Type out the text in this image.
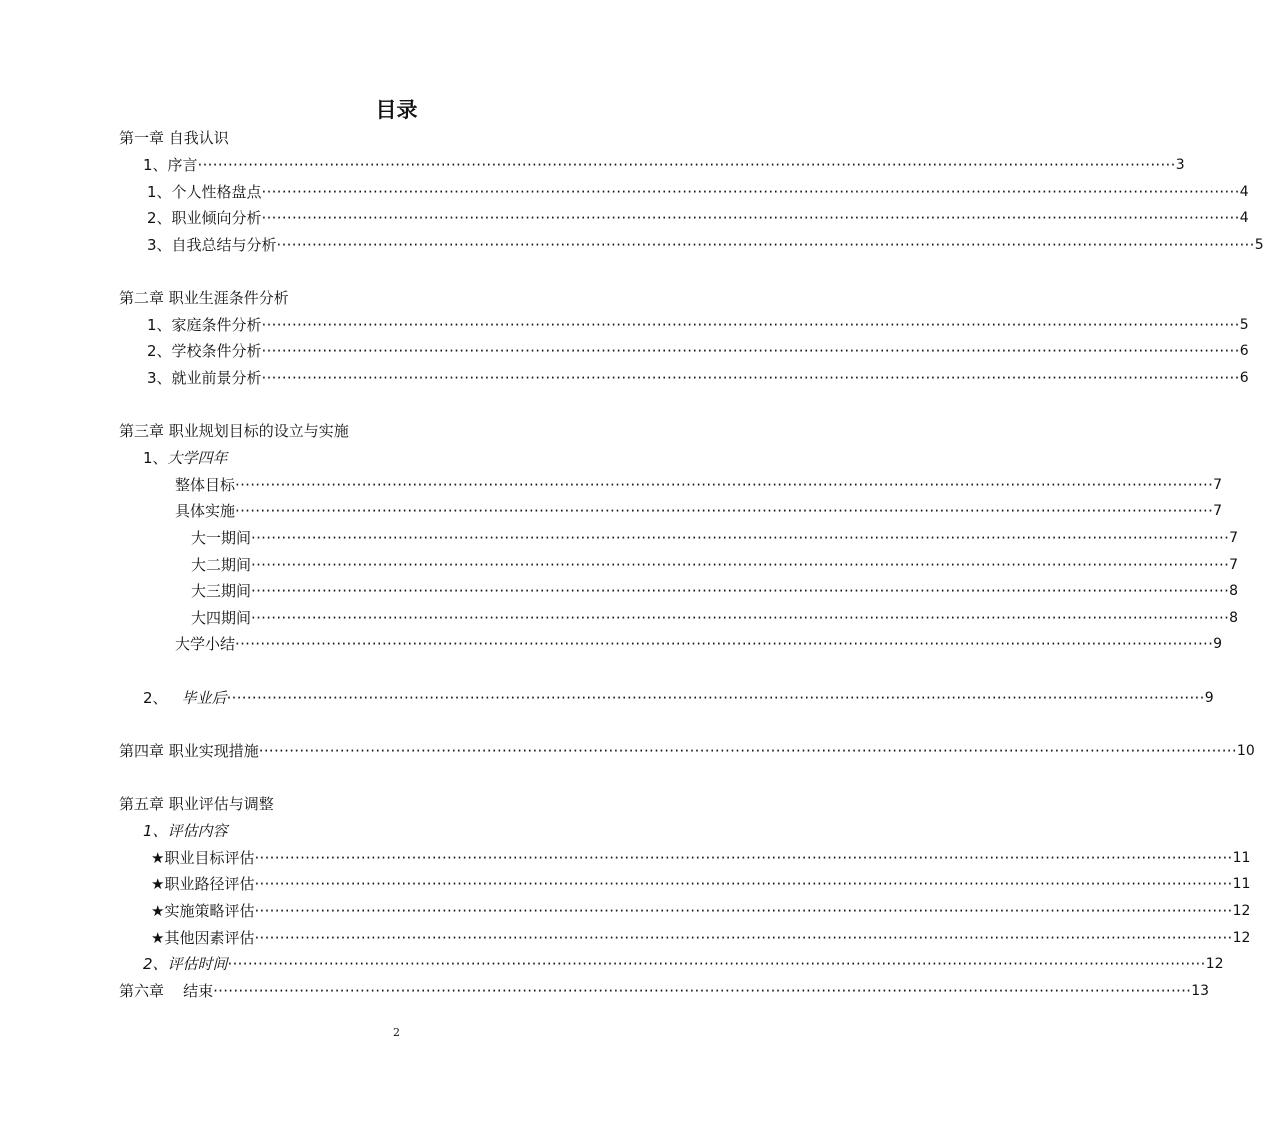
目录
第一章 自我认识
1、序言 ································································································································································································· 3
1、个人性格盘点 ································································································································································································· 4
2、职业倾向分析 ································································································································································································· 4
3、自我总结与分析 ································································································································································································· 5
第二章 职业生涯条件分析
1、家庭条件分析 ································································································································································································· 5
2、学校条件分析 ································································································································································································· 6
3、就业前景分析 ································································································································································································· 6
第三章 职业规划目标的设立与实施
1、大学四年
整体目标 ································································································································································································· 7
具体实施 ································································································································································································· 7
大一期间 ································································································································································································· 7
大二期间 ································································································································································································· 7
大三期间 ································································································································································································· 8
大四期间 ································································································································································································· 8
大学小结 ································································································································································································· 9
2、 毕业后 ································································································································································································· 9
第四章 职业实现措施 ································································································································································································· 10
第五章 职业评估与调整
1、评估内容
★职业目标评估 ································································································································································································· 11
★职业路径评估 ································································································································································································· 11
★实施策略评估 ································································································································································································· 12
★其他因素评估 ································································································································································································· 12
2、评估时间 ································································································································································································· 12
第六章    结束 ································································································································································································· 13
2
